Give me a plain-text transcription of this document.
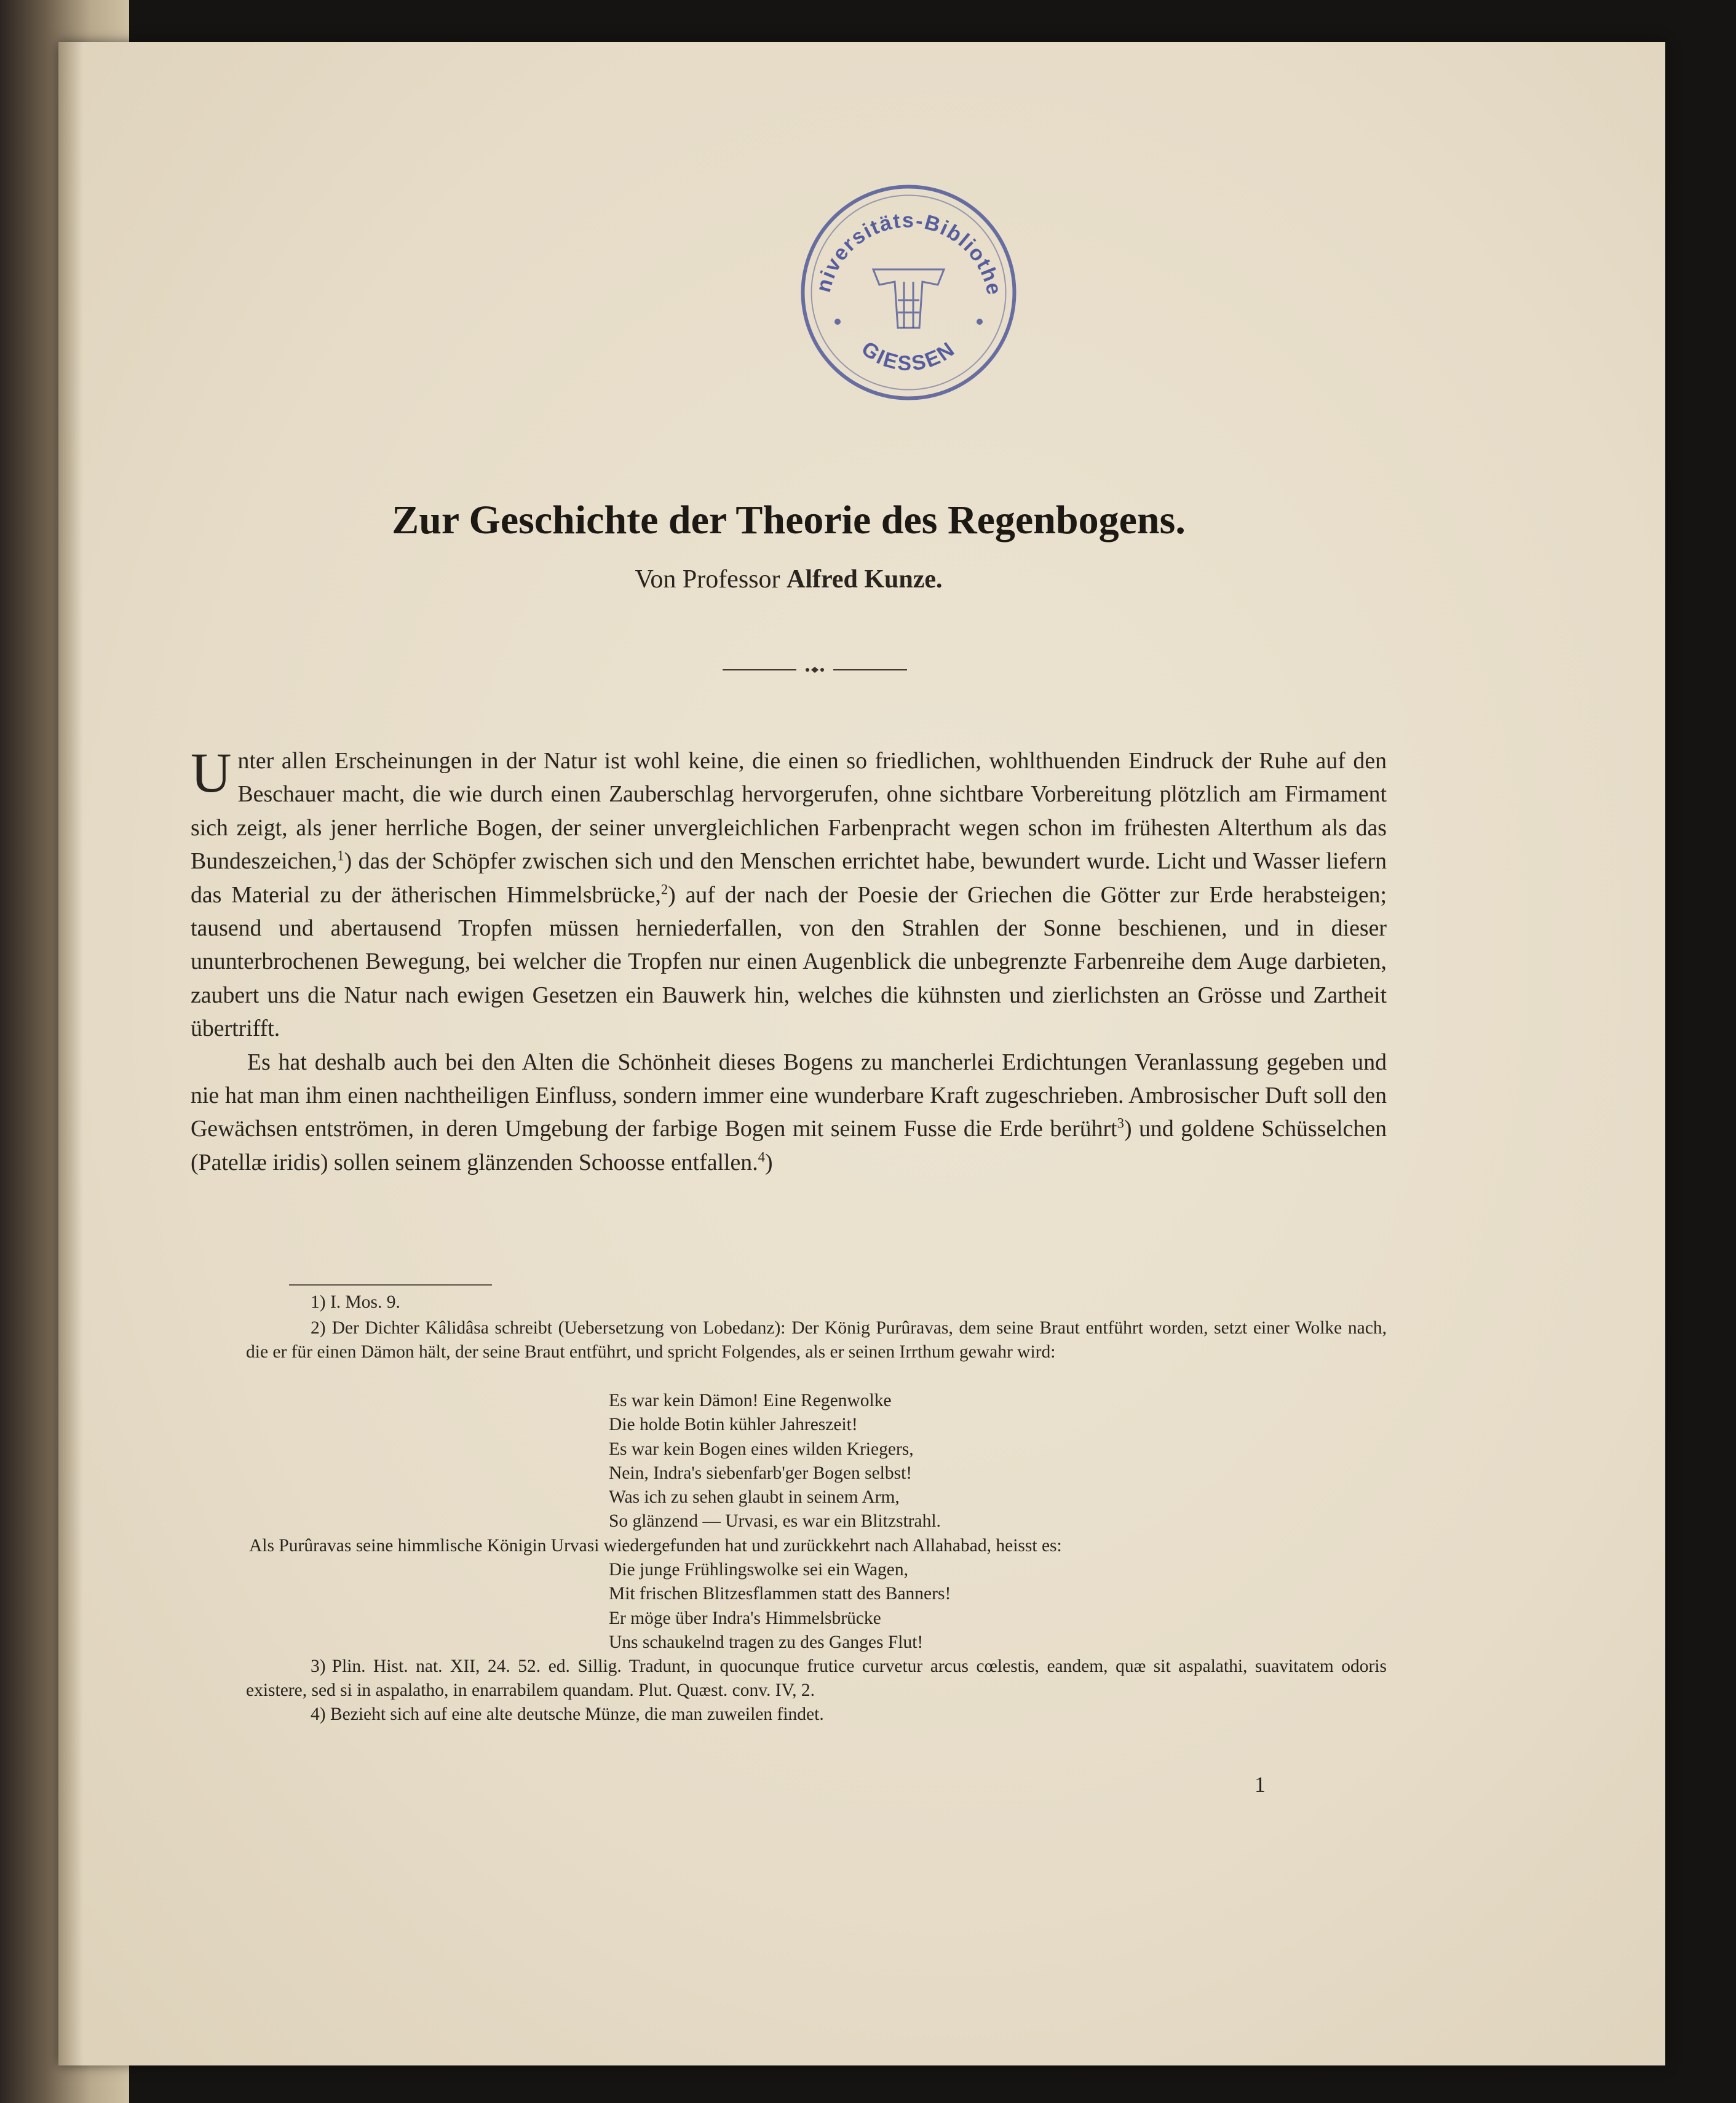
niversitäts-Bibliothe
GIESSEN
Zur Geschichte der Theorie des Regenbogens.
Von Professor Alfred Kunze.

Unter allen Erscheinungen in der Natur ist wohl keine, die einen so friedlichen, wohlthuenden Eindruck der Ruhe auf den Beschauer macht, die wie durch einen Zauberschlag hervorgerufen, ohne sichtbare Vorbereitung plötzlich am Firmament sich zeigt, als jener herrliche Bogen, der seiner unvergleichlichen Farbenpracht wegen schon im frühesten Alterthum als das Bundeszeichen,$^1$) das der Schöpfer zwischen sich und den Menschen errichtet habe, bewundert wurde. Licht und Wasser liefern das Material zu der ätherischen Himmelsbrücke,$^2$) auf der nach der Poesie der Griechen die Götter zur Erde herabsteigen; tausend und abertausend Tropfen müssen herniederfallen, von den Strahlen der Sonne beschienen, und in dieser ununterbrochenen Bewegung, bei welcher die Tropfen nur einen Augenblick die unbegrenzte Farbenreihe dem Auge darbieten, zaubert uns die Natur nach ewigen Gesetzen ein Bauwerk hin, welches die kühnsten und zierlichsten an Grösse und Zartheit übertrifft.

Es hat deshalb auch bei den Alten die Schönheit dieses Bogens zu mancherlei Erdichtungen Veranlassung gegeben und nie hat man ihm einen nachtheiligen Einfluss, sondern immer eine wunderbare Kraft zugeschrieben. Ambrosischer Duft soll den Gewächsen entströmen, in deren Umgebung der farbige Bogen mit seinem Fusse die Erde berührt$^3$) und goldene Schüsselchen (Patellæ iridis) sollen seinem glänzenden Schoosse entfallen.$^4$)

1) I. Mos. 9.

2) Der Dichter Kâlidâsa schreibt (Uebersetzung von Lobedanz): Der König Purûravas, dem seine Braut entführt worden, setzt einer Wolke nach, die er für einen Dämon hält, der seine Braut entführt, und spricht Folgendes, als er seinen Irrthum gewahr wird:

Es war kein Dämon! Eine Regenwolke
Die holde Botin kühler Jahreszeit!
Es war kein Bogen eines wilden Kriegers,
Nein, Indra's siebenfarb'ger Bogen selbst!
Was ich zu sehen glaubt in seinem Arm,
So glänzend — Urvasi, es war ein Blitzstrahl.
Als Purûravas seine himmlische Königin Urvasi wiedergefunden hat und zurückkehrt nach Allahabad, heisst es:
Die junge Frühlingswolke sei ein Wagen,
Mit frischen Blitzesflammen statt des Banners!
Er möge über Indra's Himmelsbrücke
Uns schaukelnd tragen zu des Ganges Flut!

3) Plin. Hist. nat. XII, 24. 52. ed. Sillig. Tradunt, in quocunque frutice curvetur arcus cœlestis, eandem, quæ sit aspalathi, suavitatem odoris existere, sed si in aspalatho, in enarrabilem quandam. Plut. Quæst. conv. IV, 2.

4) Bezieht sich auf eine alte deutsche Münze, die man zuweilen findet.
1
